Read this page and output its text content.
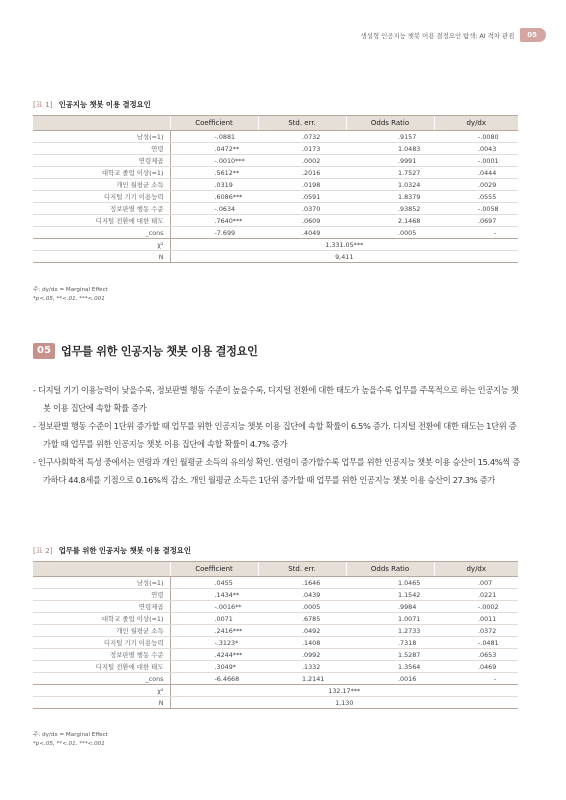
생성형 인공지능 챗봇 이용 결정요인 탐색: AI 격차 관점	05
[표 1] 인공지능 챗봇 이용 결정요인
	Coefficient	Std. err.	Odds Ratio	dy/dx
남성(=1)	-.0881	.0732	.9157	-.0080
연령	.0472**	.0173	1.0483	.0043
연령제곱	-.0010***	.0002	.9991	-.0001
대학교 졸업 이상(=1)	.5612**	.2016	1.7527	.0444
개인 월평균 소득	.0319	.0198	1.0324	.0029
디지털 기기 이용능력	.6086***	.0591	1.8379	.0555
정보판별 행동 수준	-.0634	.0370	.93852	-.0058
디지털 전환에 대한 태도	.7640***	.0609	2.1468	.0697
_cons	-7.699	.4049	.0005	-
χ²	1,331.05***			
N	9,411			
주: dy/dx = Marginal Effect
*p<.05, **<.01, ***<.001
05 업무를 위한 인공지능 챗봇 이용 결정요인
- 디지털 기기 이용능력이 낮을수록, 정보판별 행동 수준이 높을수록, 디지털 전환에 대한 태도가 높을수록 업무를 주목적으로 하는 인공지능 챗봇 이용 집단에 속할 확률 증가
- 정보판별 행동 수준이 1단위 증가할 때 업무를 위한 인공지능 챗봇 이용 집단에 속할 확률이 6.5% 증가. 디지털 전환에 대한 태도는 1단위 증가할 때 업무를 위한 인공지능 챗봇 이용 집단에 속할 확률이 4.7% 증가
- 인구사회학적 특성 중에서는 연령과 개인 월평균 소득의 유의성 확인. 연령이 증가할수록 업무를 위한 인공지능 챗봇 이용 승산이 15.4%씩 증가하다 44.8세를 기점으로 0.16%씩 감소. 개인 월평균 소득은 1단위 증가할 때 업무를 위한 인공지능 챗봇 이용 승산이 27.3% 증가
[표 2] 업무를 위한 인공지능 챗봇 이용 결정요인
	Coefficient	Std. err.	Odds Ratio	dy/dx
남성(=1)	.0455	.1646	1.0465	.007
연령	.1434**	.0439	1.1542	.0221
연령제곱	-.0016**	.0005	.9984	-.0002
대학교 졸업 이상(=1)	.0071	.6785	1.0071	.0011
개인 월평균 소득	.2416***	.0492	1.2733	.0372
디지털 기기 이용능력	-.3123*	.1408	.7318	-.0481
정보판별 행동 수준	.4244***	.0992	1.5287	.0653
디지털 전환에 대한 태도	.3049*	.1332	1.3564	.0469
_cons	-6.4668	1.2141	.0016	-
χ²	132.17***			
N	1,130			
주: dy/dx = Marginal Effect
*p<.05, **<.01, ***<.001
